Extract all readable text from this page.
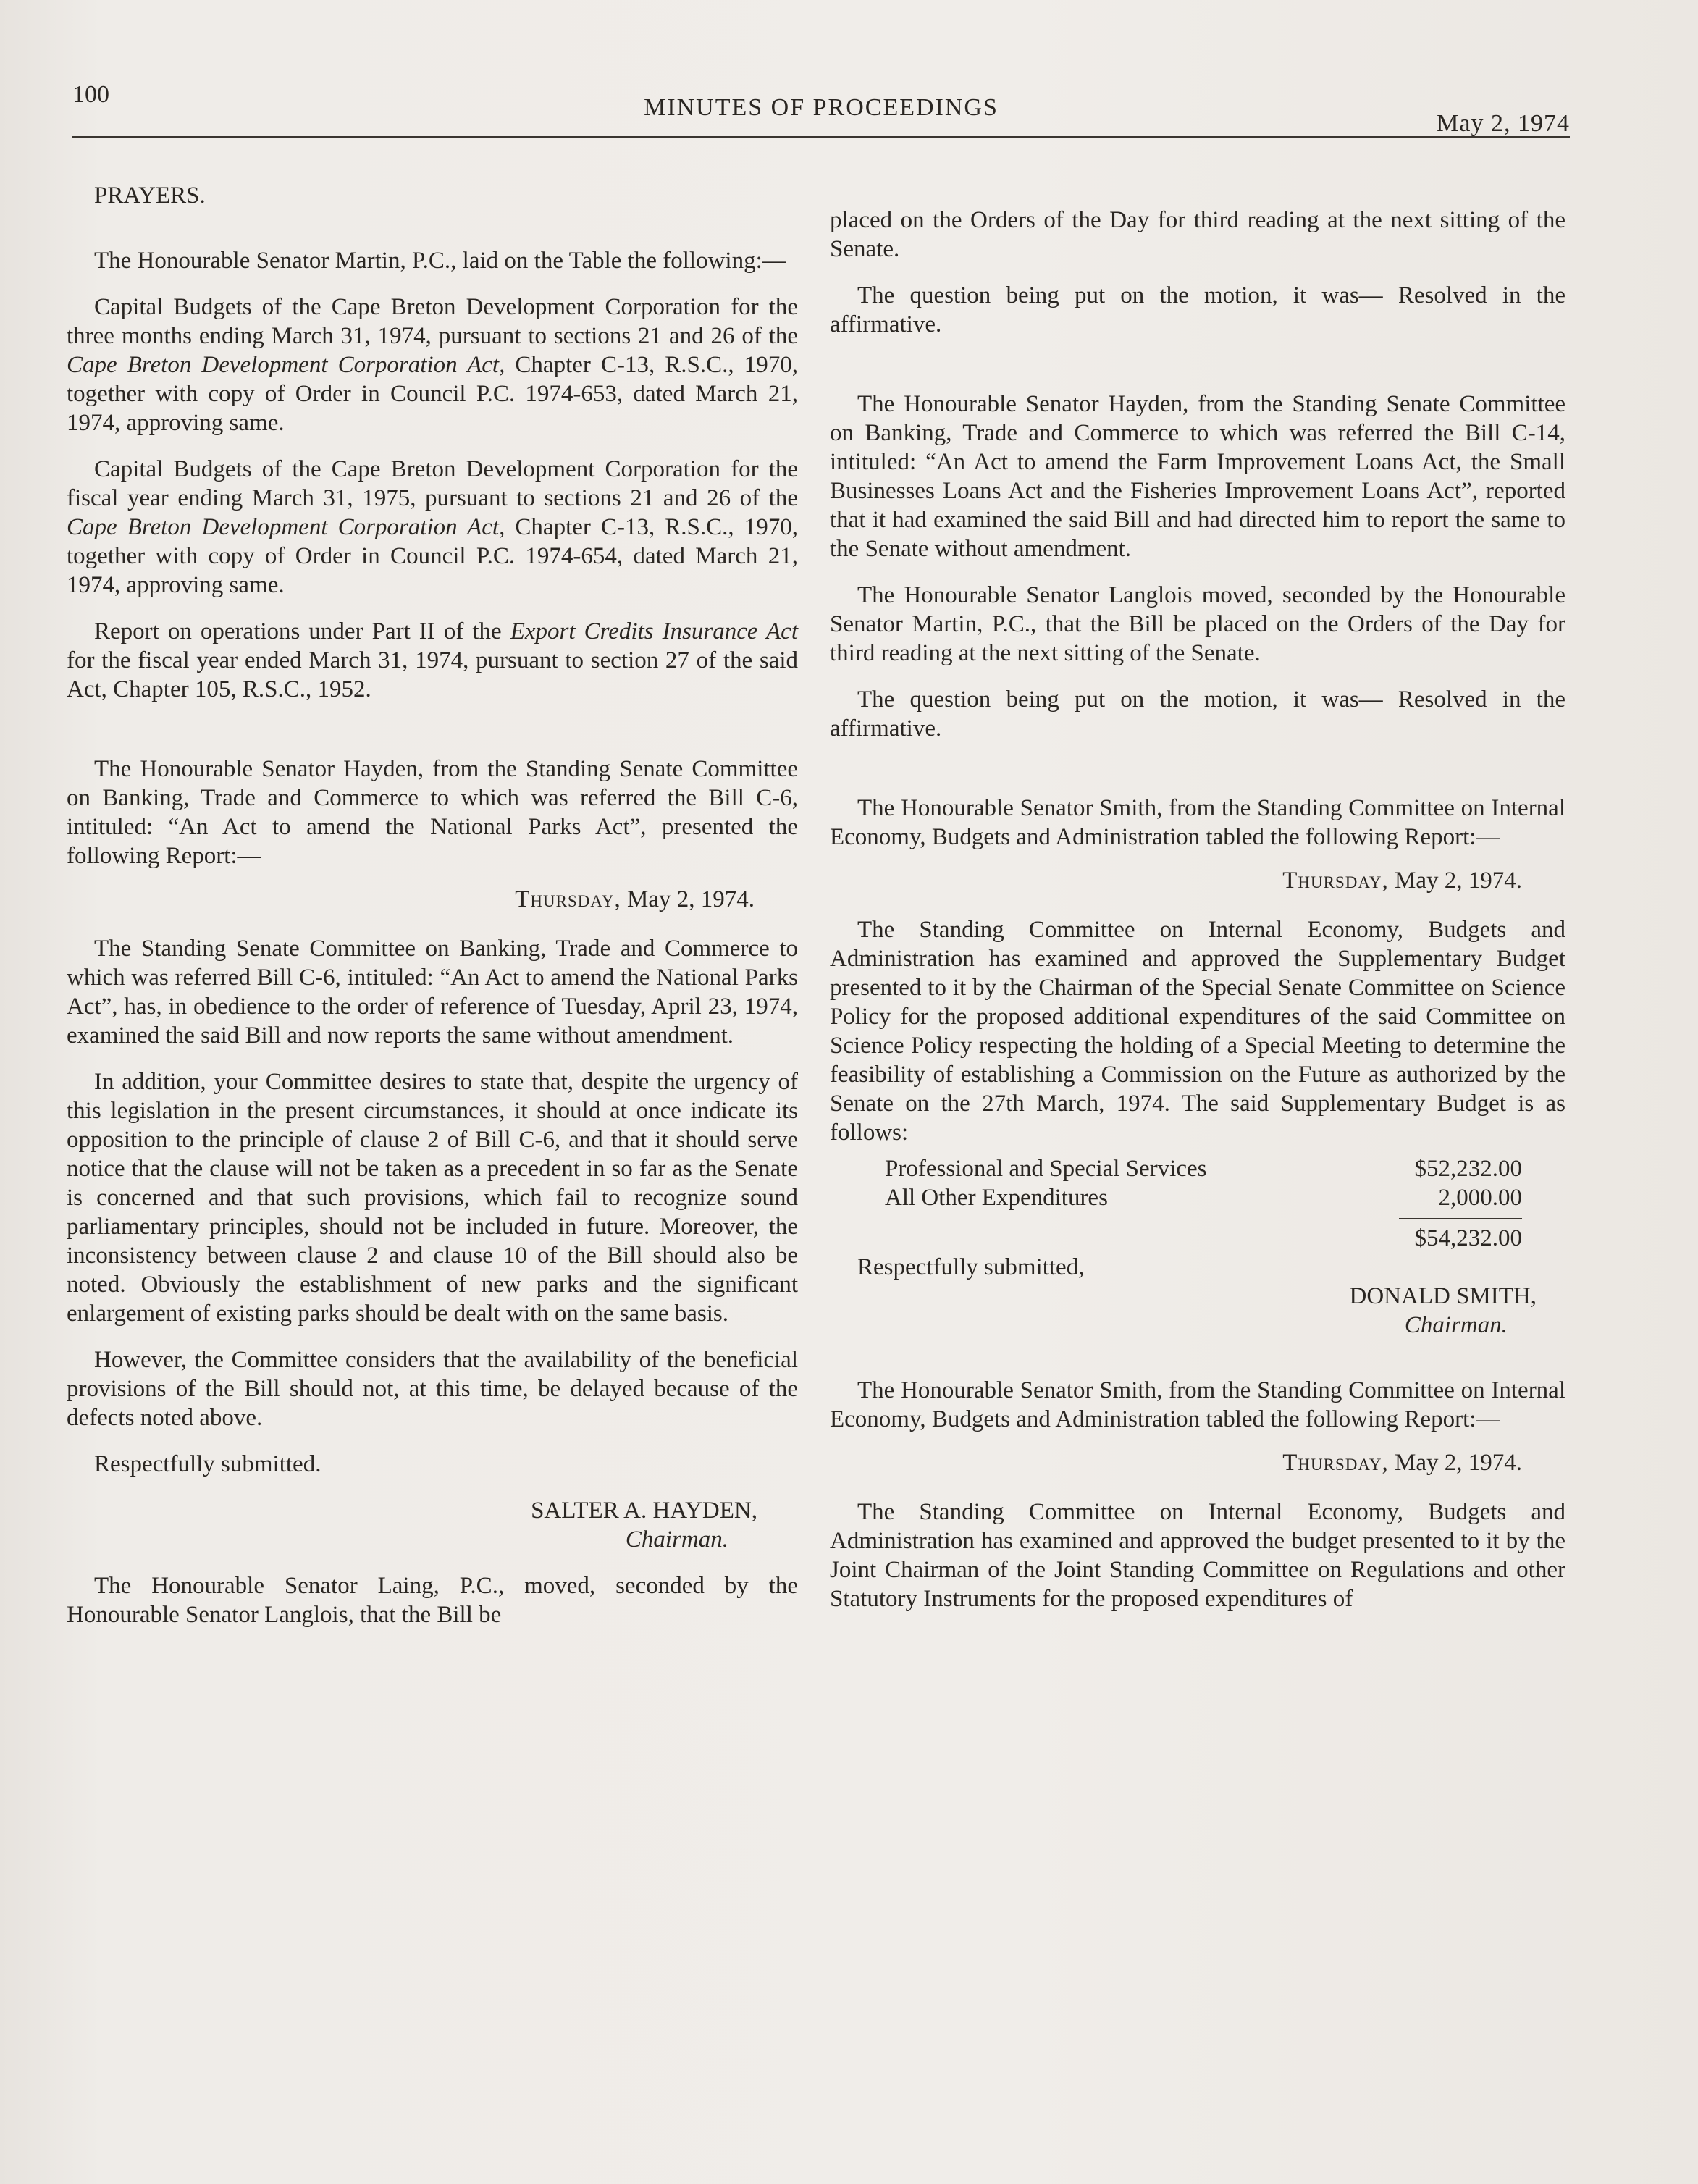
100	MINUTES OF PROCEEDINGS
May 2, 1974

PRAYERS.

The Honourable Senator Martin, P.C., laid on the Table the following:—

Capital Budgets of the Cape Breton Development Corporation for the three months ending March 31, 1974, pursuant to sections 21 and 26 of the Cape Breton Development Corporation Act, Chapter C-13, R.S.C., 1970, together with copy of Order in Council P.C. 1974-653, dated March 21, 1974, approving same.

Capital Budgets of the Cape Breton Development Corporation for the fiscal year ending March 31, 1975, pursuant to sections 21 and 26 of the Cape Breton Development Corporation Act, Chapter C-13, R.S.C., 1970, together with copy of Order in Council P.C. 1974-654, dated March 21, 1974, approving same.

Report on operations under Part II of the Export Credits Insurance Act for the fiscal year ended March 31, 1974, pursuant to section 27 of the said Act, Chapter 105, R.S.C., 1952.

The Honourable Senator Hayden, from the Standing Senate Committee on Banking, Trade and Commerce to which was referred the Bill C-6, intituled: “An Act to amend the National Parks Act”, presented the following Report:—

Thursday, May 2, 1974.

The Standing Senate Committee on Banking, Trade and Commerce to which was referred Bill C-6, intituled: “An Act to amend the National Parks Act”, has, in obedience to the order of reference of Tuesday, April 23, 1974, examined the said Bill and now reports the same without amendment.

In addition, your Committee desires to state that, despite the urgency of this legislation in the present circumstances, it should at once indicate its opposition to the principle of clause 2 of Bill C-6, and that it should serve notice that the clause will not be taken as a precedent in so far as the Senate is concerned and that such provisions, which fail to recognize sound parliamentary principles, should not be included in future. Moreover, the inconsistency between clause 2 and clause 10 of the Bill should also be noted. Obviously the establishment of new parks and the significant enlargement of existing parks should be dealt with on the same basis.

However, the Committee considers that the availability of the beneficial provisions of the Bill should not, at this time, be delayed because of the defects noted above.

Respectfully submitted.

SALTER A. HAYDEN,

Chairman.

The Honourable Senator Laing, P.C., moved, seconded by the Honourable Senator Langlois, that the Bill be

placed on the Orders of the Day for third reading at the next sitting of the Senate.

The question being put on the motion, it was— Resolved in the affirmative.

The Honourable Senator Hayden, from the Standing Senate Committee on Banking, Trade and Commerce to which was referred the Bill C-14, intituled: “An Act to amend the Farm Improvement Loans Act, the Small Businesses Loans Act and the Fisheries Improvement Loans Act”, reported that it had examined the said Bill and had directed him to report the same to the Senate without amendment.

The Honourable Senator Langlois moved, seconded by the Honourable Senator Martin, P.C., that the Bill be placed on the Orders of the Day for third reading at the next sitting of the Senate.

The question being put on the motion, it was— Resolved in the affirmative.

The Honourable Senator Smith, from the Standing Committee on Internal Economy, Budgets and Administration tabled the following Report:—

Thursday, May 2, 1974.

The Standing Committee on Internal Economy, Budgets and Administration has examined and approved the Supplementary Budget presented to it by the Chairman of the Special Senate Committee on Science Policy for the proposed additional expenditures of the said Committee on Science Policy respecting the holding of a Special Meeting to determine the feasibility of establishing a Commission on the Future as authorized by the Senate on the 27th March, 1974. The said Supplementary Budget is as follows:

Professional and Special Services	$52,232.00
All Other Expenditures	2,000.00

$54,232.00

Respectfully submitted,

DONALD SMITH,

Chairman.

The Honourable Senator Smith, from the Standing Committee on Internal Economy, Budgets and Administration tabled the following Report:—

Thursday, May 2, 1974.

The Standing Committee on Internal Economy, Budgets and Administration has examined and approved the budget presented to it by the Joint Chairman of the Joint Standing Committee on Regulations and other Statutory Instruments for the proposed expenditures of
